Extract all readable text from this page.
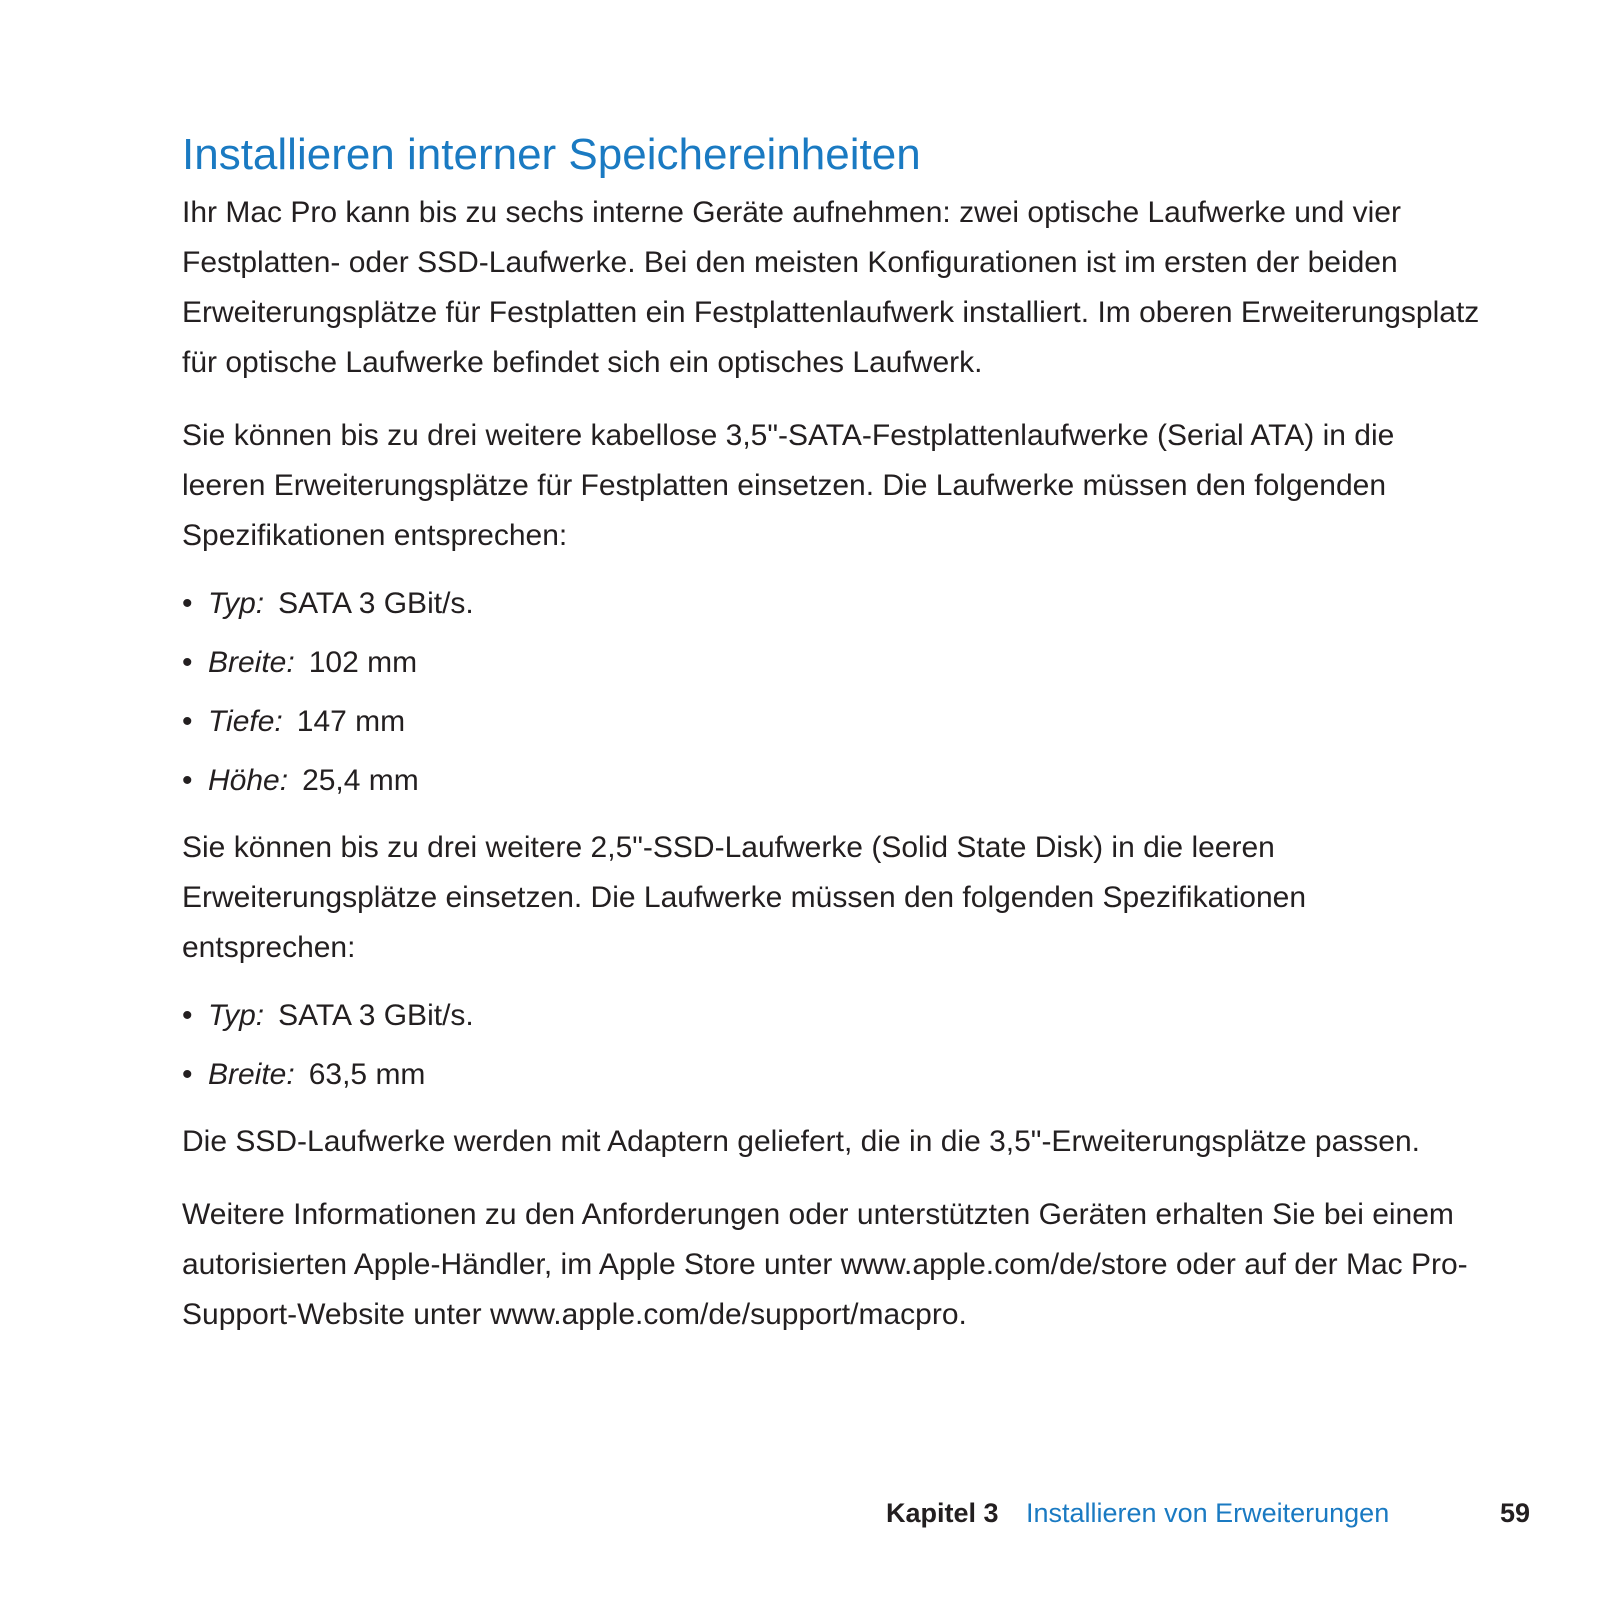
Installieren interner Speichereinheiten

Ihr Mac Pro kann bis zu sechs interne Geräte aufnehmen: zwei optische Laufwerke und vier Festplatten- oder SSD-Laufwerke. Bei den meisten Konfigurationen ist im ersten der beiden Erweiterungsplätze für Festplatten ein Festplattenlaufwerk installiert. Im oberen Erweiterungsplatz für optische Laufwerke befindet sich ein optisches Laufwerk.

Sie können bis zu drei weitere kabellose 3,5"-SATA-Festplattenlaufwerke (Serial ATA) in die leeren Erweiterungsplätze für Festplatten einsetzen. Die Laufwerke müssen den folgenden Spezifikationen entsprechen:

• Typ: SATA 3 GBit/s.
• Breite: 102 mm
• Tiefe: 147 mm
• Höhe: 25,4 mm

Sie können bis zu drei weitere 2,5"-SSD-Laufwerke (Solid State Disk) in die leeren Erweiterungsplätze einsetzen. Die Laufwerke müssen den folgenden Spezifikationen entsprechen:

• Typ: SATA 3 GBit/s.
• Breite: 63,5 mm

Die SSD-Laufwerke werden mit Adaptern geliefert, die in die 3,5"-Erweiterungsplätze passen.

Weitere Informationen zu den Anforderungen oder unterstützten Geräten erhalten Sie bei einem autorisierten Apple-Händler, im Apple Store unter www.apple.com/de/store oder auf der Mac Pro-Support-Website unter www.apple.com/de/support/macpro.

Kapitel 3 Installieren von Erweiterungen	59
